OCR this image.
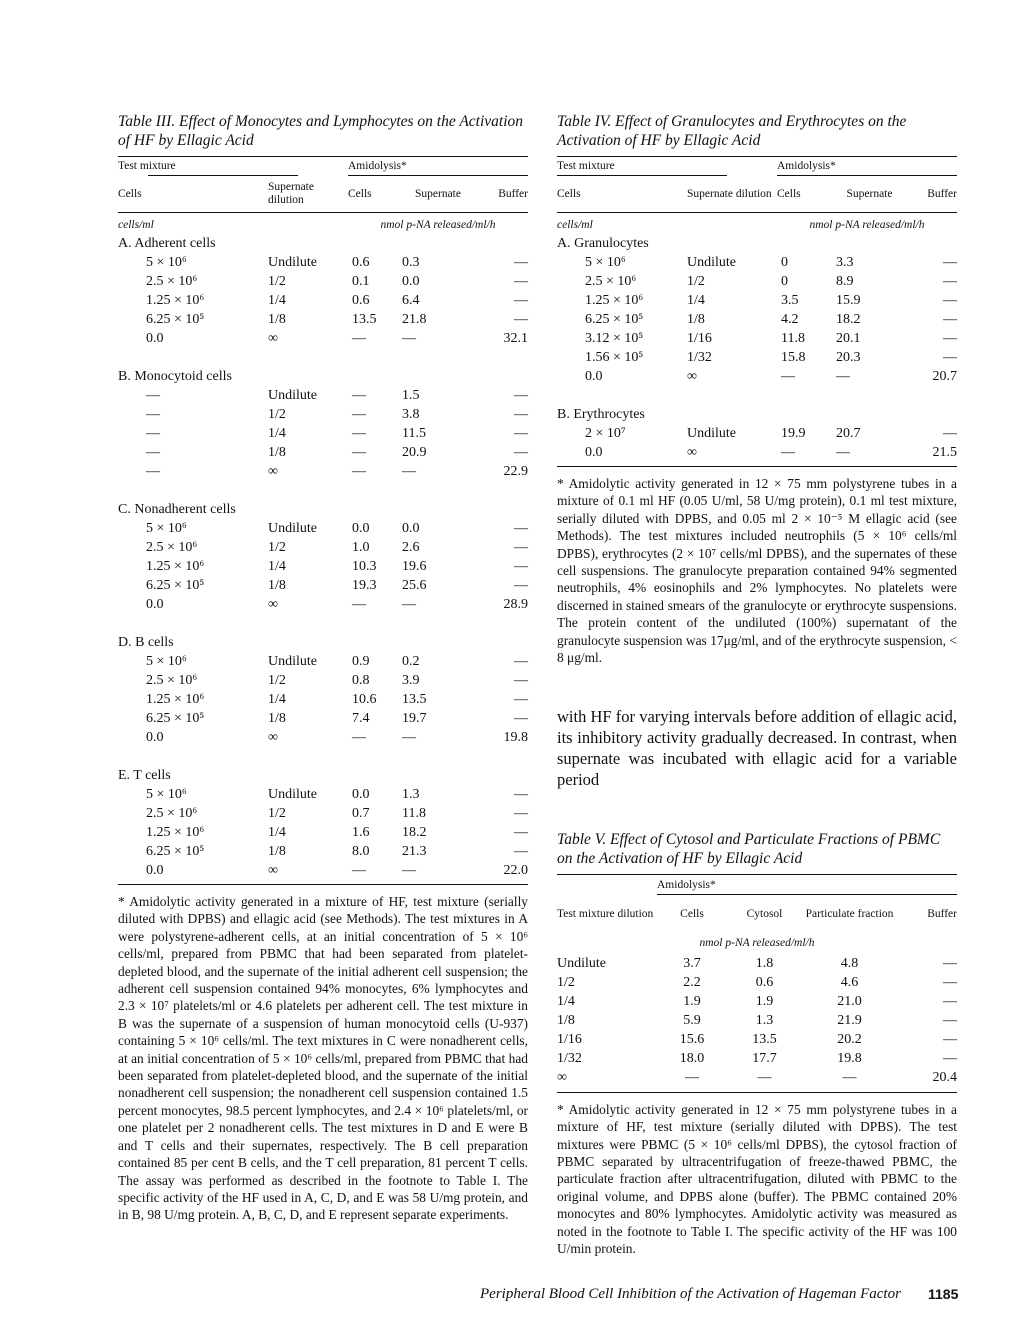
Table III. Effect of Monocytes and Lymphocytes on the Activation of HF by Ellagic Acid

Test mixture		Amidolysis*		

Cells	Supernate dilution	Cells	Supernate	Buffer

cells/ml		nmol p-NA released/ml/h		
A. Adherent cells				
5 × 10⁶	Undilute	0.6	0.3	—
2.5 × 10⁶	1/2	0.1	0.0	—
1.25 × 10⁶	1/4	0.6	6.4	—
6.25 × 10⁵	1/8	13.5	21.8	—
0.0	∞	—	—	32.1

B. Monocytoid cells				
—	Undilute	—	1.5	—
—	1/2	—	3.8	—
—	1/4	—	11.5	—
—	1/8	—	20.9	—
—	∞	—	—	22.9

C. Nonadherent cells				
5 × 10⁶	Undilute	0.0	0.0	—
2.5 × 10⁶	1/2	1.0	2.6	—
1.25 × 10⁶	1/4	10.3	19.6	—
6.25 × 10⁵	1/8	19.3	25.6	—
0.0	∞	—	—	28.9

D. B cells				
5 × 10⁶	Undilute	0.9	0.2	—
2.5 × 10⁶	1/2	0.8	3.9	—
1.25 × 10⁶	1/4	10.6	13.5	—
6.25 × 10⁵	1/8	7.4	19.7	—
0.0	∞	—	—	19.8

E. T cells				
5 × 10⁶	Undilute	0.0	1.3	—
2.5 × 10⁶	1/2	0.7	11.8	—
1.25 × 10⁶	1/4	1.6	18.2	—
6.25 × 10⁵	1/8	8.0	21.3	—
0.0	∞	—	—	22.0

* Amidolytic activity generated in a mixture of HF, test mixture (serially diluted with DPBS) and ellagic acid (see Methods). The test mixtures in A were polystyrene-adherent cells, at an initial concentration of 5 × 10⁶ cells/ml, prepared from PBMC that had been separated from platelet-depleted blood, and the supernate of the initial adherent cell suspension; the adherent cell suspension contained 94% monocytes, 6% lymphocytes and 2.3 × 10⁷ platelets/ml or 4.6 platelets per adherent cell. The test mixture in B was the supernate of a suspension of human monocytoid cells (U-937) containing 5 × 10⁶ cells/ml. The text mixtures in C were nonadherent cells, at an initial concentration of 5 × 10⁶ cells/ml, prepared from PBMC that had been separated from platelet-depleted blood, and the supernate of the initial nonadherent cell suspension; the nonadherent cell suspension contained 1.5 percent monocytes, 98.5 percent lymphocytes, and 2.4 × 10⁶ platelets/ml, or one platelet per 2 nonadherent cells. The test mixtures in D and E were B and T cells and their supernates, respectively. The B cell preparation contained 85 per cent B cells, and the T cell preparation, 81 percent T cells. The assay was performed as described in the footnote to Table I. The specific activity of the HF used in A, C, D, and E was 58 U/mg protein, and in B, 98 U/mg protein. A, B, C, D, and E represent separate experiments.

Table IV. Effect of Granulocytes and Erythrocytes on the Activation of HF by Ellagic Acid

Test mixture		Amidolysis*		

Cells	Supernate dilution	Cells	Supernate	Buffer

cells/ml		nmol p-NA released/ml/h		
A. Granulocytes				
5 × 10⁶	Undilute	0	3.3	—
2.5 × 10⁶	1/2	0	8.9	—
1.25 × 10⁶	1/4	3.5	15.9	—
6.25 × 10⁵	1/8	4.2	18.2	—
3.12 × 10⁵	1/16	11.8	20.1	—
1.56 × 10⁵	1/32	15.8	20.3	—
0.0	∞	—	—	20.7

B. Erythrocytes				
2 × 10⁷	Undilute	19.9	20.7	—
0.0	∞	—	—	21.5

* Amidolytic activity generated in 12 × 75 mm polystyrene tubes in a mixture of 0.1 ml HF (0.05 U/ml, 58 U/mg protein), 0.1 ml test mixture, serially diluted with DPBS, and 0.05 ml 2 × 10⁻⁵ M ellagic acid (see Methods). The test mixtures included neutrophils (5 × 10⁶ cells/ml DPBS), erythrocytes (2 × 10⁷ cells/ml DPBS), and the supernates of these cell suspensions. The granulocyte preparation contained 94% segmented neutrophils, 4% eosinophils and 2% lymphocytes. No platelets were discerned in stained smears of the granulocyte or erythrocyte suspensions. The protein content of the undiluted (100%) supernatant of the granulocyte suspension was 17μg/ml, and of the erythrocyte suspension, < 8 μg/ml.

with HF for varying intervals before addition of ellagic acid, its inhibitory activity gradually decreased. In contrast, when supernate was incubated with ellagic acid for a variable period

Table V. Effect of Cytosol and Particulate Fractions of PBMC on the Activation of HF by Ellagic Acid

	Amidolysis*			

Test mixture dilution	Cells	Cytosol	Particulate fraction	Buffer
nmol p-NA released/ml/h				
Undilute	3.7	1.8	4.8	—
1/2	2.2	0.6	4.6	—
1/4	1.9	1.9	21.0	—
1/8	5.9	1.3	21.9	—
1/16	15.6	13.5	20.2	—
1/32	18.0	17.7	19.8	—
∞	—	—	—	20.4

* Amidolytic activity generated in 12 × 75 mm polystyrene tubes in a mixture of HF, test mixture (serially diluted with DPBS). The test mixtures were PBMC (5 × 10⁶ cells/ml DPBS), the cytosol fraction of PBMC separated by ultracentrifugation of freeze-thawed PBMC, the particulate fraction after ultracentrifugation, diluted with PBMC to the original volume, and DPBS alone (buffer). The PBMC contained 20% monocytes and 80% lymphocytes. Amidolytic activity was measured as noted in the footnote to Table I. The specific activity of the HF was 100 U/min protein.

Peripheral Blood Cell Inhibition of the Activation of Hageman Factor 1185
